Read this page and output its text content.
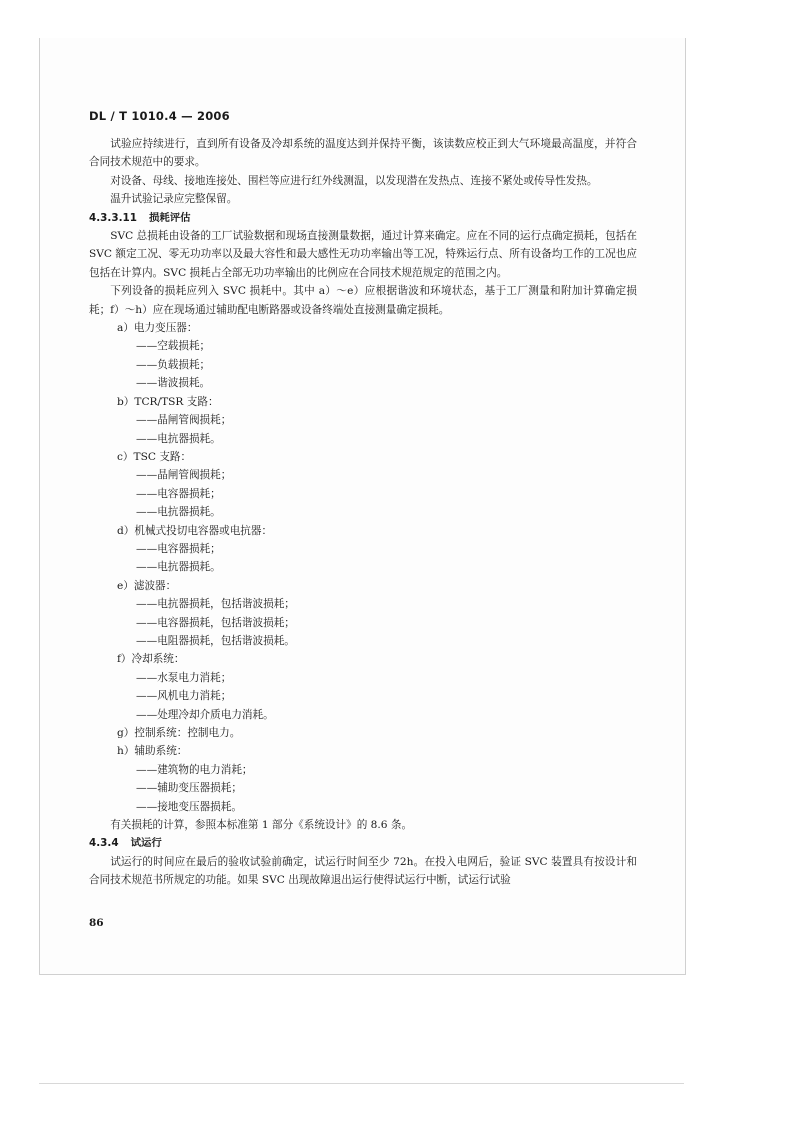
DL / T 1010.4 — 2006

试验应持续进行，直到所有设备及冷却系统的温度达到并保持平衡，该读数应校正到大气环境最高温度，并符合合同技术规范中的要求。

对设备、母线、接地连接处、围栏等应进行红外线测温，以发现潜在发热点、连接不紧处或传导性发热。

温升试验记录应完整保留。

4.3.3.11 损耗评估

SVC 总损耗由设备的工厂试验数据和现场直接测量数据，通过计算来确定。应在不同的运行点确定损耗，包括在 SVC 额定工况、零无功功率以及最大容性和最大感性无功功率输出等工况，特殊运行点、所有设备均工作的工况也应包括在计算内。SVC 损耗占全部无功功率输出的比例应在合同技术规范规定的范围之内。

下列设备的损耗应列入 SVC 损耗中。其中 a）～e）应根据谐波和环境状态，基于工厂测量和附加计算确定损耗；f）～h）应在现场通过辅助配电断路器或设备终端处直接测量确定损耗。

a）电力变压器：

——空载损耗；

——负载损耗；

——谐波损耗。

b）TCR/TSR 支路：

——晶闸管阀损耗；

——电抗器损耗。

c）TSC 支路：

——晶闸管阀损耗；

——电容器损耗；

——电抗器损耗。

d）机械式投切电容器或电抗器：

——电容器损耗；

——电抗器损耗。

e）滤波器：

——电抗器损耗，包括谐波损耗；

——电容器损耗，包括谐波损耗；

——电阻器损耗，包括谐波损耗。

f）冷却系统：

——水泵电力消耗；

——风机电力消耗；

——处理冷却介质电力消耗。

g）控制系统：控制电力。

h）辅助系统：

——建筑物的电力消耗；

——辅助变压器损耗；

——接地变压器损耗。

有关损耗的计算，参照本标准第 1 部分《系统设计》的 8.6 条。

4.3.4 试运行

试运行的时间应在最后的验收试验前确定，试运行时间至少 72h。在投入电网后，验证 SVC 装置具有按设计和合同技术规范书所规定的功能。如果 SVC 出现故障退出运行使得试运行中断，试运行试验

86
